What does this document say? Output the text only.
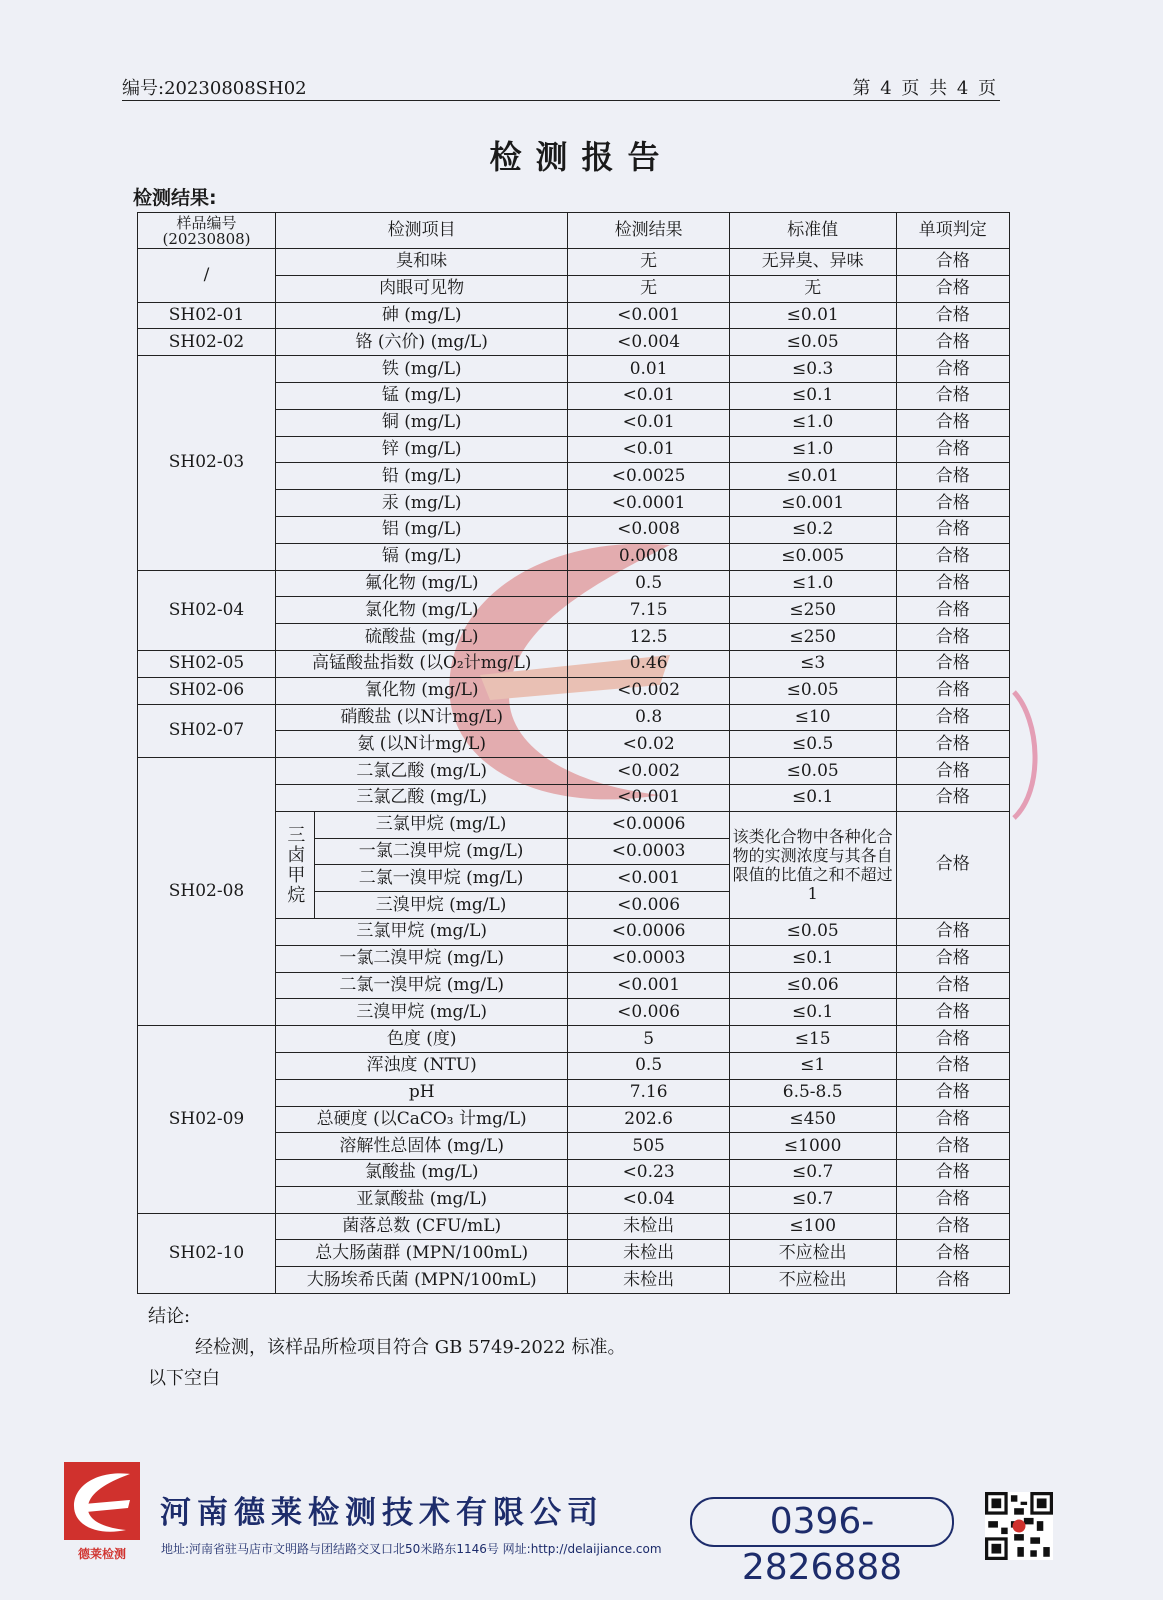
编号:20230808SH02	第 4 页 共 4 页
检测报告
检测结果:
样品编号
(20230808)	检测项目		检测结果	标准值	单项判定
/	臭和味		无	无异臭、异味	合格
	肉眼可见物		无	无	合格
SH02-01	砷 (mg/L)		<0.001	≤0.01	合格
SH02-02	铬 (六价) (mg/L)		<0.004	≤0.05	合格
SH02-03	铁 (mg/L)		0.01	≤0.3	合格
	锰 (mg/L)		<0.01	≤0.1	合格
	铜 (mg/L)		<0.01	≤1.0	合格
	锌 (mg/L)		<0.01	≤1.0	合格
	铅 (mg/L)		<0.0025	≤0.01	合格
	汞 (mg/L)		<0.0001	≤0.001	合格
	铝 (mg/L)		<0.008	≤0.2	合格
	镉 (mg/L)		0.0008	≤0.005	合格
SH02-04	氟化物 (mg/L)		0.5	≤1.0	合格
	氯化物 (mg/L)		7.15	≤250	合格
	硫酸盐 (mg/L)		12.5	≤250	合格
SH02-05	高锰酸盐指数 (以O₂计mg/L)		0.46	≤3	合格
SH02-06	氰化物 (mg/L)		<0.002	≤0.05	合格
SH02-07	硝酸盐 (以N计mg/L)		0.8	≤10	合格
	氨 (以N计mg/L)		<0.02	≤0.5	合格
SH02-08	二氯乙酸 (mg/L)		<0.002	≤0.05	合格
	三氯乙酸 (mg/L)		<0.001	≤0.1	合格

	三卤甲烷	三氯甲烷 (mg/L)	<0.0006	该类化合物中各种化合物的实测浓度与其各自限值的比值之和不超过1	合格
		一氯二溴甲烷 (mg/L)	<0.0003		
		二氯一溴甲烷 (mg/L)	<0.001		
		三溴甲烷 (mg/L)	<0.006		
	三氯甲烷 (mg/L)		<0.0006	≤0.05	合格
	一氯二溴甲烷 (mg/L)		<0.0003	≤0.1	合格
	二氯一溴甲烷 (mg/L)		<0.001	≤0.06	合格
	三溴甲烷 (mg/L)		<0.006	≤0.1	合格
SH02-09	色度 (度)		5	≤15	合格
	浑浊度 (NTU)		0.5	≤1	合格
	pH		7.16	6.5-8.5	合格
	总硬度 (以CaCO₃ 计mg/L)		202.6	≤450	合格
	溶解性总固体 (mg/L)		505	≤1000	合格
	氯酸盐 (mg/L)		<0.23	≤0.7	合格
	亚氯酸盐 (mg/L)		<0.04	≤0.7	合格
SH02-10	菌落总数 (CFU/mL)		未检出	≤100	合格
	总大肠菌群 (MPN/100mL)		未检出	不应检出	合格
	大肠埃希氏菌 (MPN/100mL)		未检出	不应检出	合格
结论:
经检测，该样品所检项目符合 GB 5749-2022 标准。
以下空白
德莱检测
河南德莱检测技术有限公司
地址:河南省驻马店市文明路与团结路交叉口北50米路东1146号 网址:http://delaijiance.com
0396-2826888
